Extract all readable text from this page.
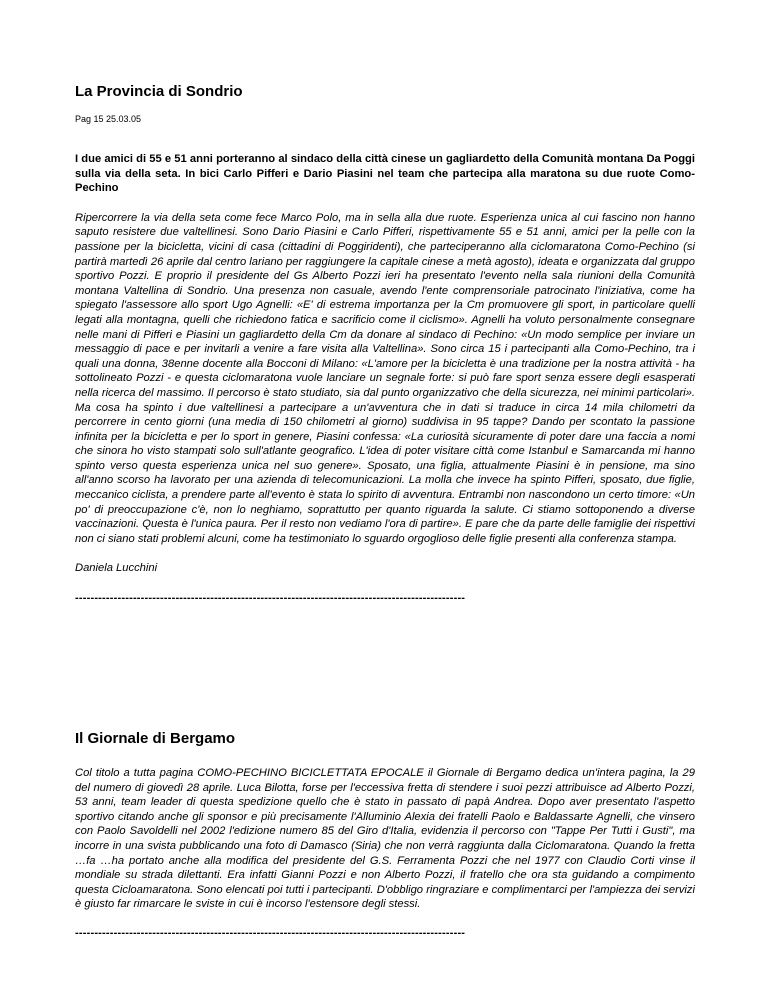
La Provincia di Sondrio

Pag 15 25.03.05

I due amici di 55 e 51 anni porteranno al sindaco della città cinese un gagliardetto della Comunità montana Da Poggi sulla via della seta. In bici Carlo Pifferi e Dario Piasini nel team che partecipa alla maratona su due ruote Como-Pechino

Ripercorrere la via della seta come fece Marco Polo, ma in sella alla due ruote. Esperienza unica al cui fascino non hanno saputo resistere due valtellinesi. Sono Dario Piasini e Carlo Pifferi, rispettivamente 55 e 51 anni, amici per la pelle con la passione per la bicicletta, vicini di casa (cittadini di Poggiridenti), che parteciperanno alla ciclomaratona Como-Pechino (si partirà martedì 26 aprile dal centro lariano per raggiungere la capitale cinese a metà agosto), ideata e organizzata dal gruppo sportivo Pozzi. E proprio il presidente del Gs Alberto Pozzi ieri ha presentato l'evento nella sala riunioni della Comunità montana Valtellina di Sondrio. Una presenza non casuale, avendo l'ente comprensoriale patrocinato l'iniziativa, come ha spiegato l'assessore allo sport Ugo Agnelli: «E' di estrema importanza per la Cm promuovere gli sport, in particolare quelli legati alla montagna, quelli che richiedono fatica e sacrificio come il ciclismo». Agnelli ha voluto personalmente consegnare nelle mani di Pifferi e Piasini un gagliardetto della Cm da donare al sindaco di Pechino: «Un modo semplice per inviare un messaggio di pace e per invitarli a venire a fare visita alla Valtellina». Sono circa 15 i partecipanti alla Como-Pechino, tra i quali una donna, 38enne docente alla Bocconi di Milano: «L'amore per la bicicletta è una tradizione per la nostra attività - ha sottolineato Pozzi - e questa ciclomaratona vuole lanciare un segnale forte: si può fare sport senza essere degli esasperati nella ricerca del massimo. Il percorso è stato studiato, sia dal punto organizzativo che della sicurezza, nei minimi particolari». Ma cosa ha spinto i due valtellinesi a partecipare a un'avventura che in dati si traduce in circa 14 mila chilometri da percorrere in cento giorni (una media di 150 chilometri al giorno) suddivisa in 95 tappe? Dando per scontato la passione infinita per la bicicletta e per lo sport in genere, Piasini confessa: «La curiosità sicuramente di poter dare una faccia a nomi che sinora ho visto stampati solo sull'atlante geografico. L'idea di poter visitare città come Istanbul e Samarcanda mi hanno spinto verso questa esperienza unica nel suo genere». Sposato, una figlia, attualmente Piasini è in pensione, ma sino all'anno scorso ha lavorato per una azienda di telecomunicazioni. La molla che invece ha spinto Pifferi, sposato, due figlie, meccanico ciclista, a prendere parte all'evento è stata lo spirito di avventura. Entrambi non nascondono un certo timore: «Un po' di preoccupazione c'è, non lo neghiamo, soprattutto per quanto riguarda la salute. Ci stiamo sottoponendo a diverse vaccinazioni. Questa è l'unica paura. Per il resto non vediamo l'ora di partire». E pare che da parte delle famiglie dei rispettivi non ci siano stati problemi alcuni, come ha testimoniato lo sguardo orgoglioso delle figlie presenti alla conferenza stampa.

Daniela Lucchini

-----------------------------------------------------------------------------------------------------

Il Giornale di Bergamo

Col titolo a tutta pagina COMO-PECHINO BICICLETTATA EPOCALE il Giornale di Bergamo dedica un'intera pagina, la 29 del numero di giovedì 28 aprile. Luca Bilotta, forse per l'eccessiva fretta di stendere i suoi pezzi attribuisce ad Alberto Pozzi, 53 anni, team leader di questa spedizione quello che è stato in passato di papà Andrea. Dopo aver presentato l'aspetto sportivo citando anche gli sponsor e più precisamente l'Alluminio Alexia dei fratelli Paolo e Baldassarte Agnelli, che vinsero con Paolo Savoldelli nel 2002 l'edizione numero 85 del Giro d'Italia, evidenzia il percorso con "Tappe Per Tutti i Gusti", ma incorre in una svista pubblicando una foto di Damasco (Siria) che non verrà raggiunta dalla Ciclomaratona. Quando la fretta …fa …ha portato anche alla modifica del presidente del G.S. Ferramenta Pozzi che nel 1977 con Claudio Corti vinse il mondiale su strada dilettanti. Era infatti Gianni Pozzi e non Alberto Pozzi, il fratello che ora sta guidando a compimento questa Cicloamaratona. Sono elencati poi tutti i partecipanti. D'obbligo ringraziare e complimentarci per l'ampiezza dei servizi è giusto far rimarcare le sviste in cui è incorso l'estensore degli stessi.

-----------------------------------------------------------------------------------------------------
